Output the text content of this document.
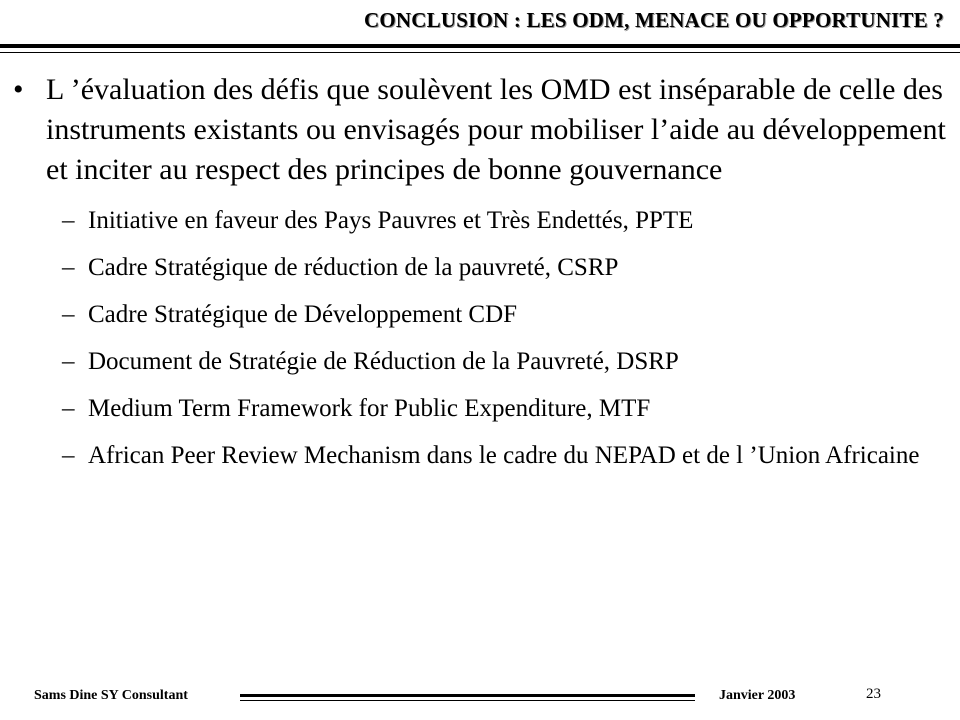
CONCLUSION : LES ODM, MENACE OU OPPORTUNITE ?
• L ’évaluation des défis que soulèvent les OMD est inséparable de celle des instruments existants ou envisagés pour mobiliser l’aide au développement et inciter au respect des principes de bonne gouvernance
– Initiative en faveur des Pays Pauvres et Très Endettés, PPTE
– Cadre Stratégique de réduction de la pauvreté, CSRP
– Cadre Stratégique de Développement CDF
– Document de Stratégie de Réduction de la Pauvreté, DSRP
– Medium Term Framework for Public Expenditure, MTF
– African Peer Review Mechanism dans le cadre du NEPAD et de l ’Union Africaine
Sams Dine SY Consultant	Janvier 2003	23
